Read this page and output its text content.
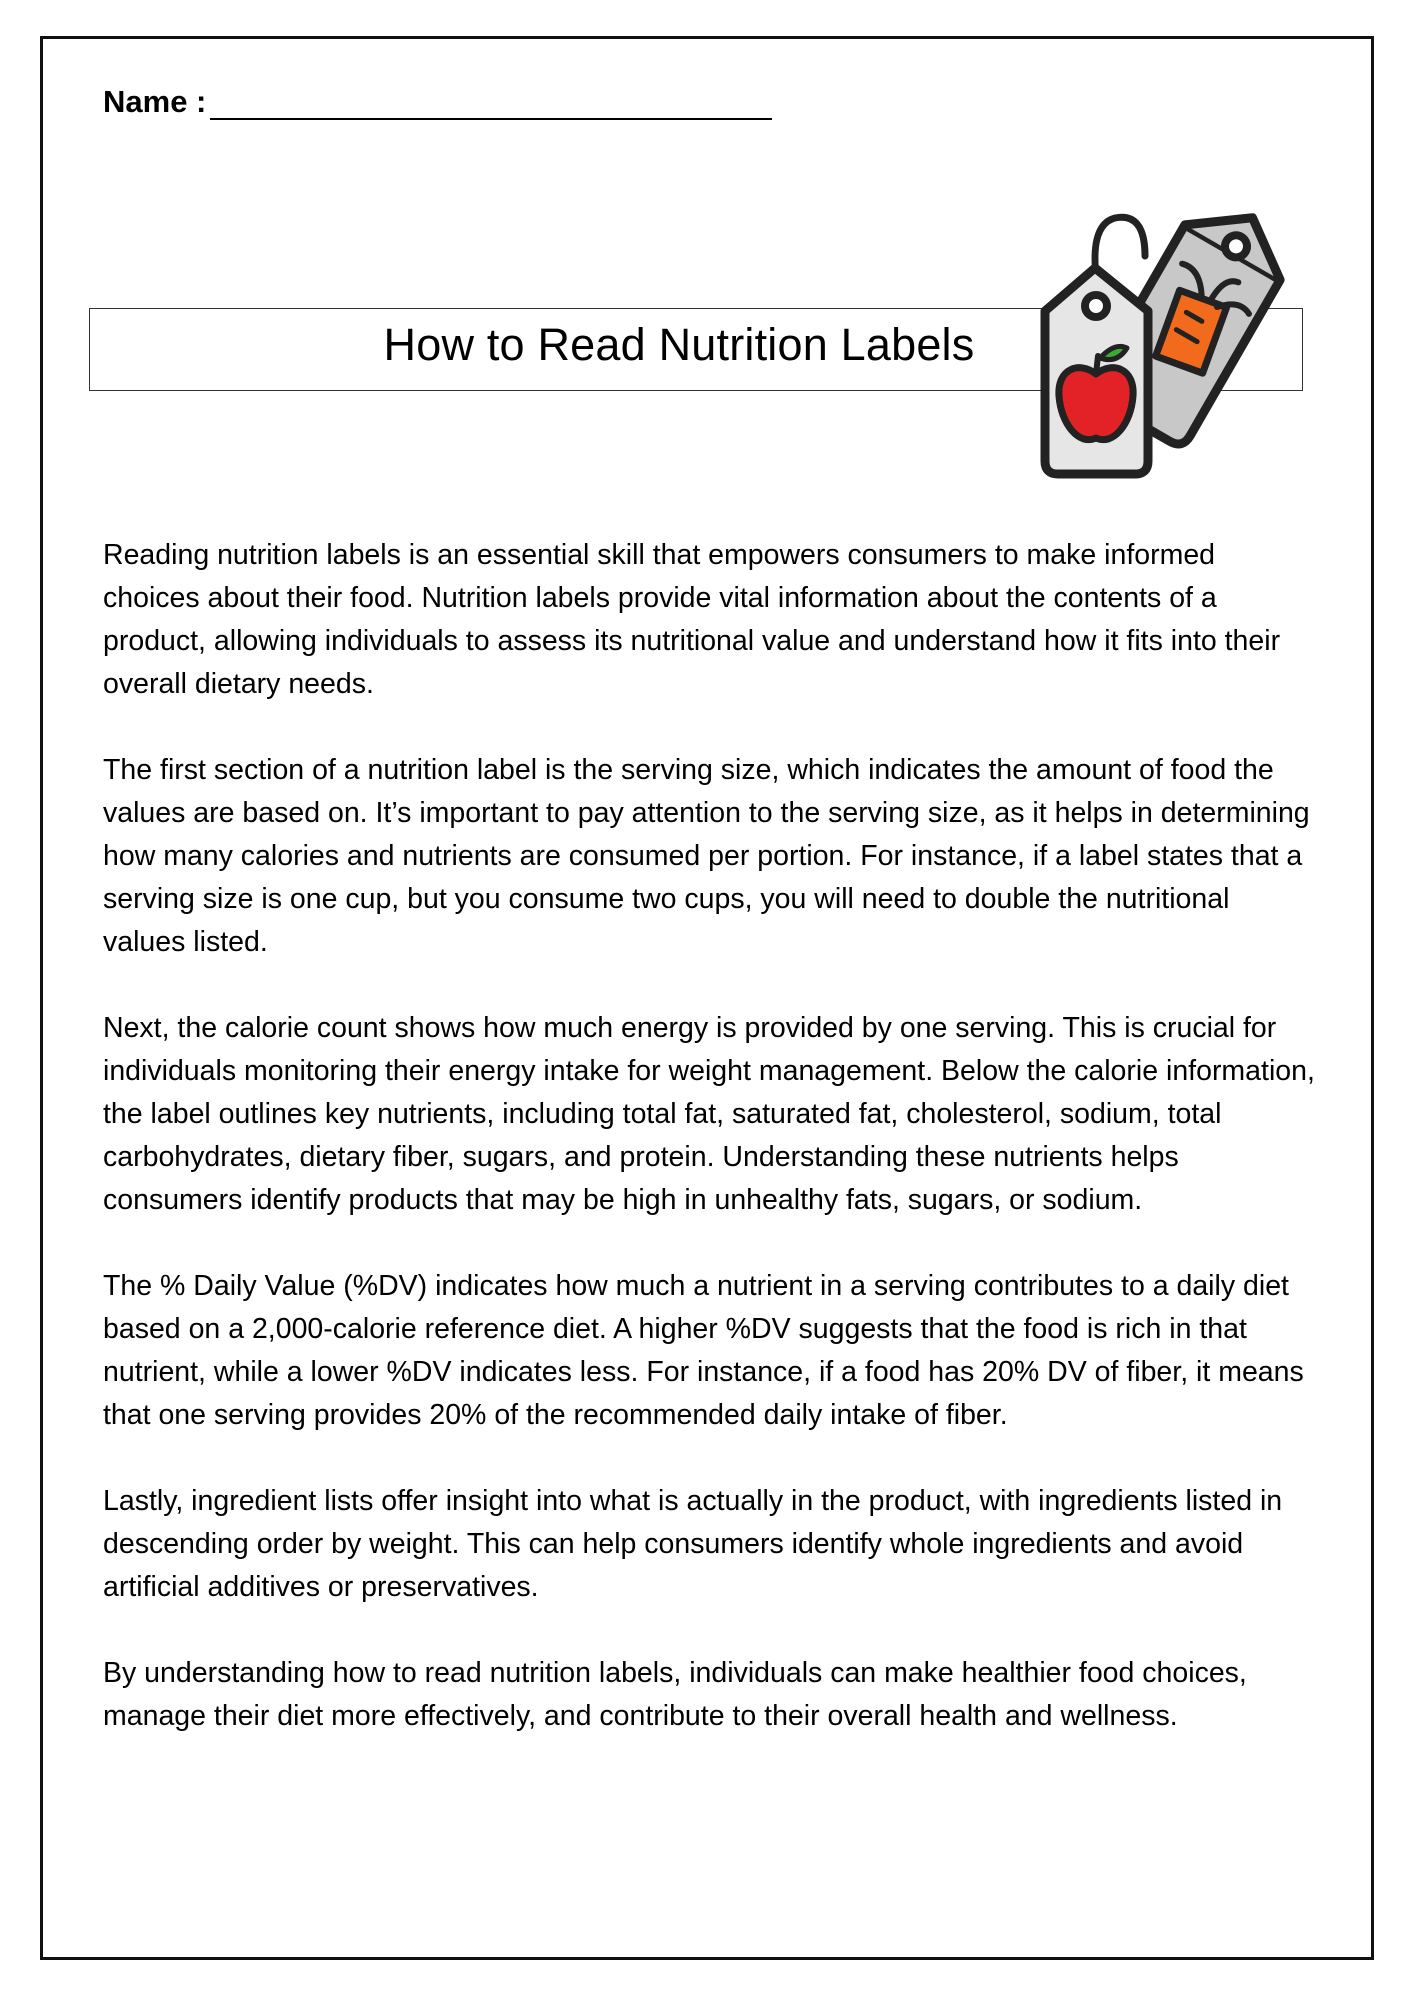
Name :
How to Read Nutrition Labels

Reading nutrition labels is an essential skill that empowers consumers to make informed choices about their food. Nutrition labels provide vital information about the contents of a product, allowing individuals to assess its nutritional value and understand how it fits into their overall dietary needs.

The first section of a nutrition label is the serving size, which indicates the amount of food the values are based on. It’s important to pay attention to the serving size, as it helps in determining how many calories and nutrients are consumed per portion. For instance, if a label states that a serving size is one cup, but you consume two cups, you will need to double the nutritional values listed.

Next, the calorie count shows how much energy is provided by one serving. This is crucial for individuals monitoring their energy intake for weight management. Below the calorie information, the label outlines key nutrients, including total fat, saturated fat, cholesterol, sodium, total carbohydrates, dietary fiber, sugars, and protein. Understanding these nutrients helps consumers identify products that may be high in unhealthy fats, sugars, or sodium.

The % Daily Value (%DV) indicates how much a nutrient in a serving contributes to a daily diet based on a 2,000-calorie reference diet. A higher %DV suggests that the food is rich in that nutrient, while a lower %DV indicates less. For instance, if a food has 20% DV of fiber, it means that one serving provides 20% of the recommended daily intake of fiber.

Lastly, ingredient lists offer insight into what is actually in the product, with ingredients listed in descending order by weight. This can help consumers identify whole ingredients and avoid artificial additives or preservatives.

By understanding how to read nutrition labels, individuals can make healthier food choices, manage their diet more effectively, and contribute to their overall health and wellness.
